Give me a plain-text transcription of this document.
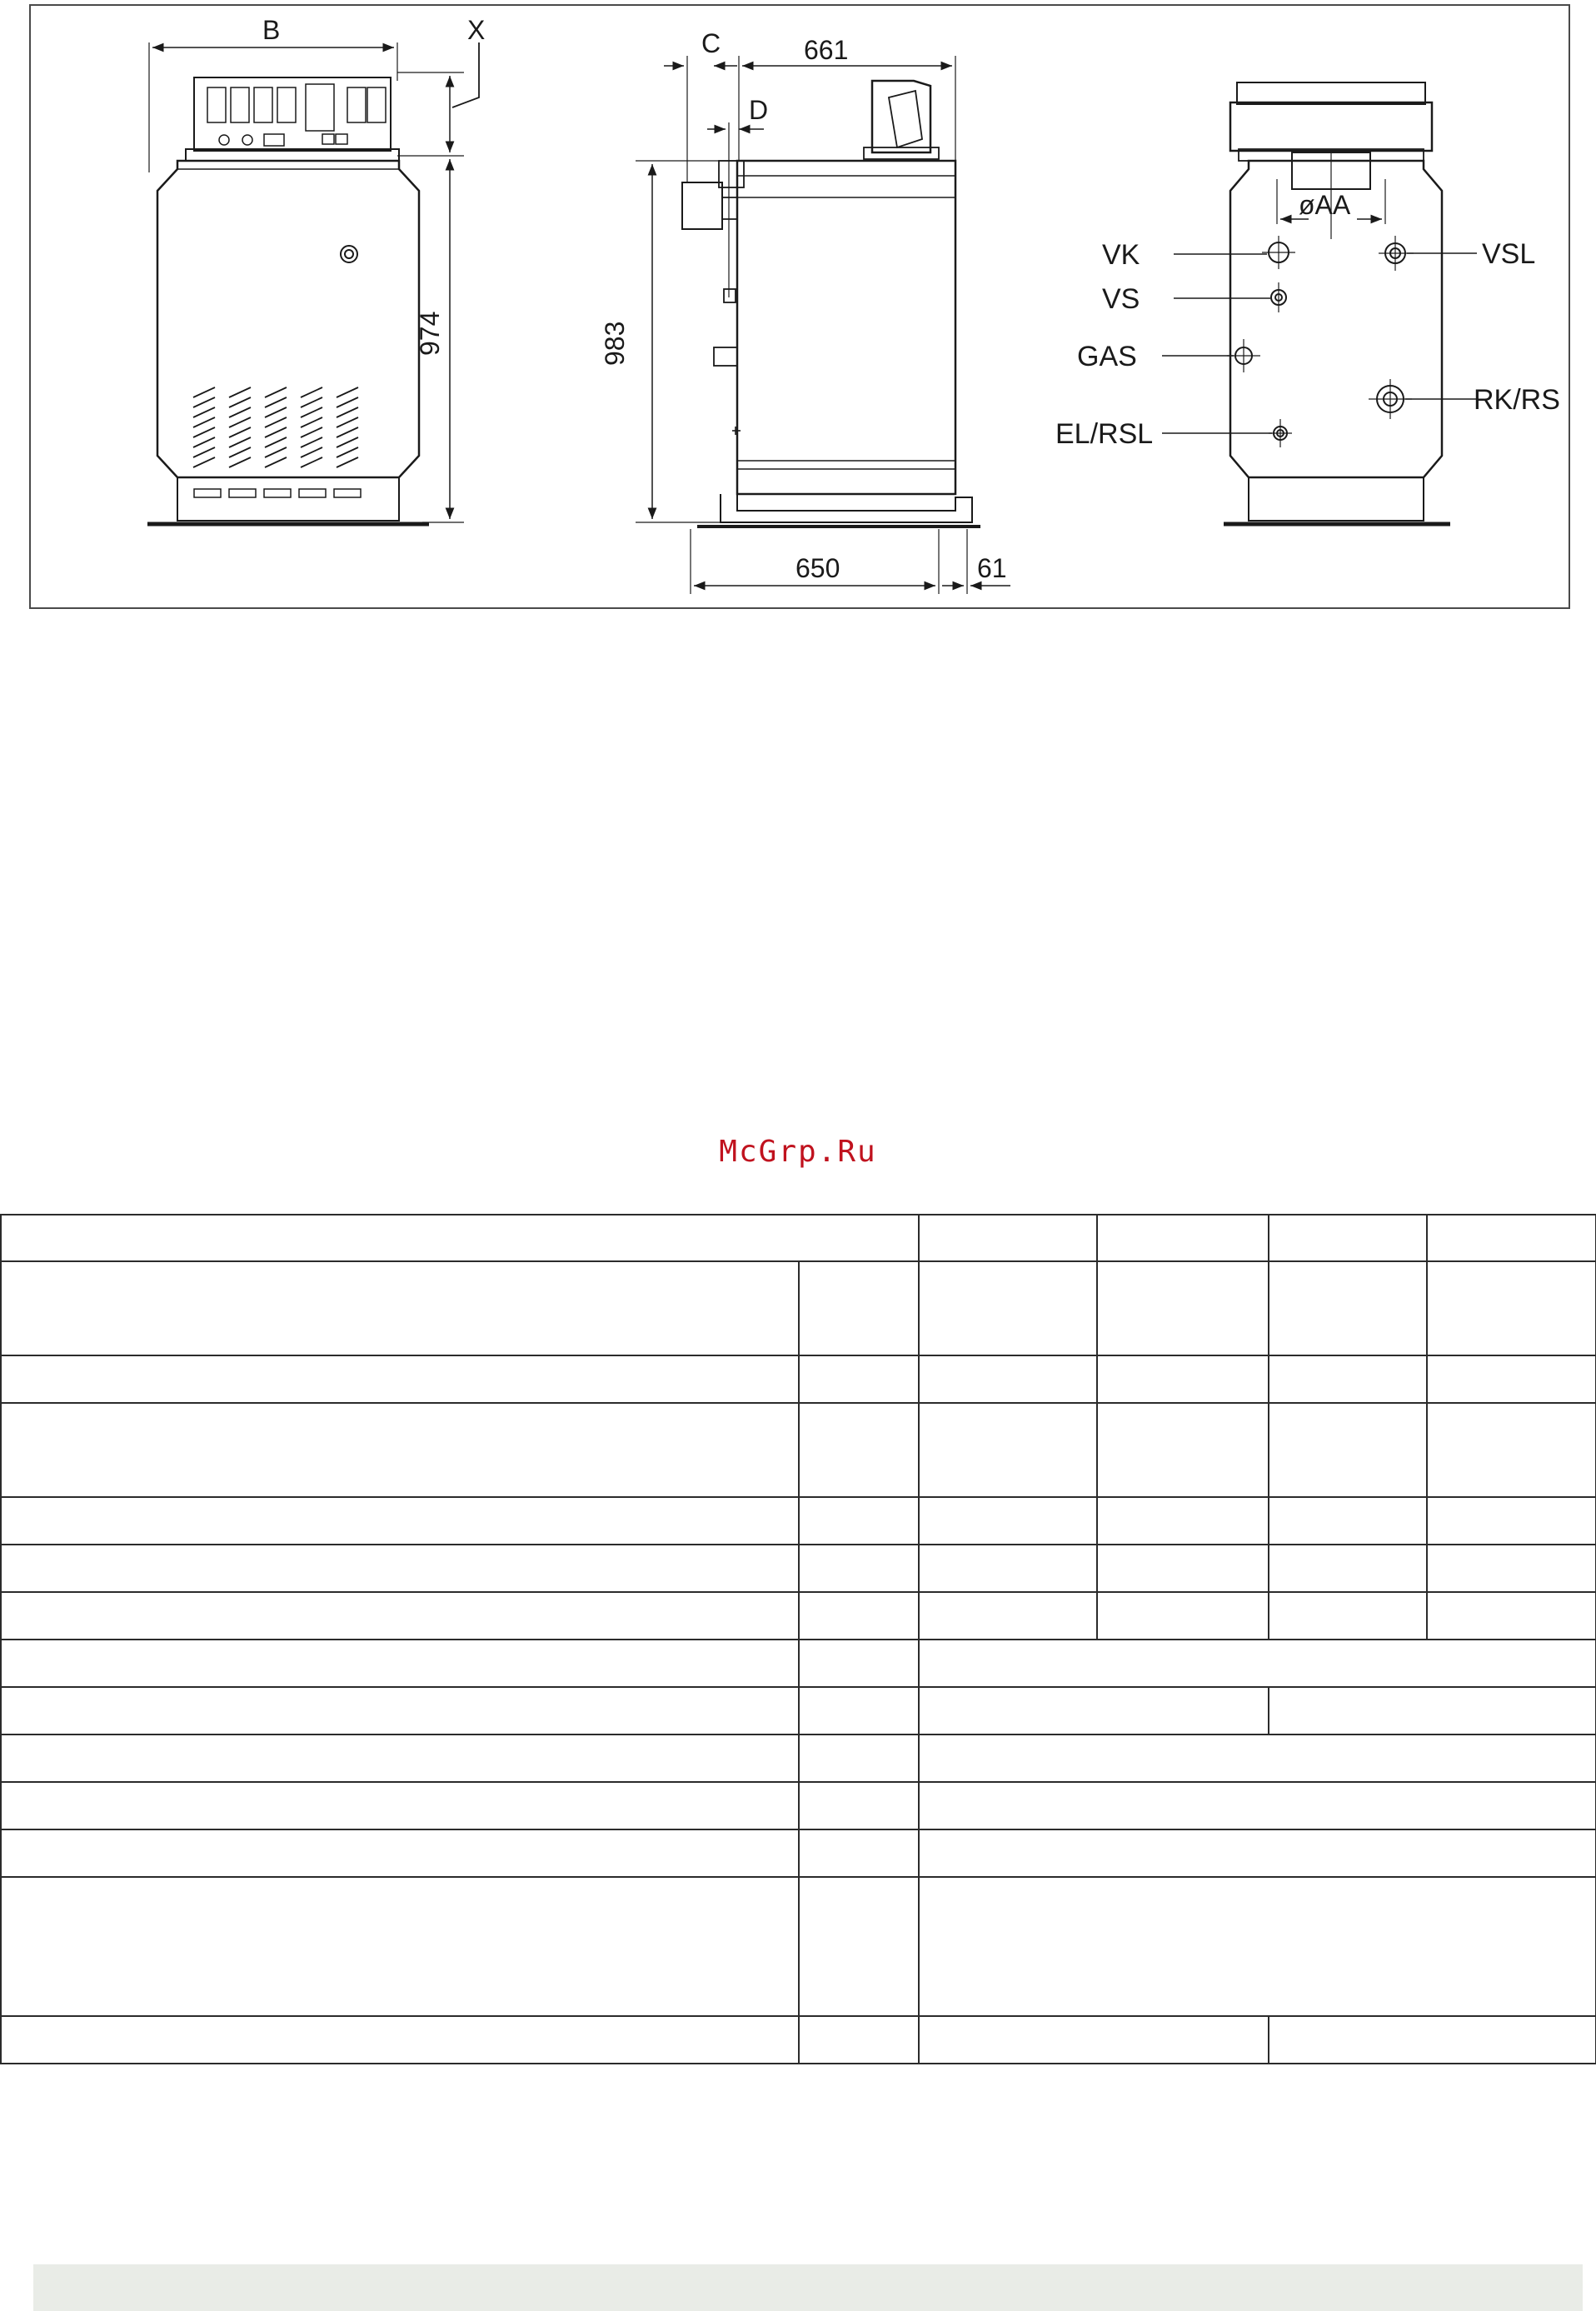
B	X
974
C	661
D
983
650	61
øAA
VK
VS
GAS
EL/RSL
VSL
RK/RS
McGrp.Ru
